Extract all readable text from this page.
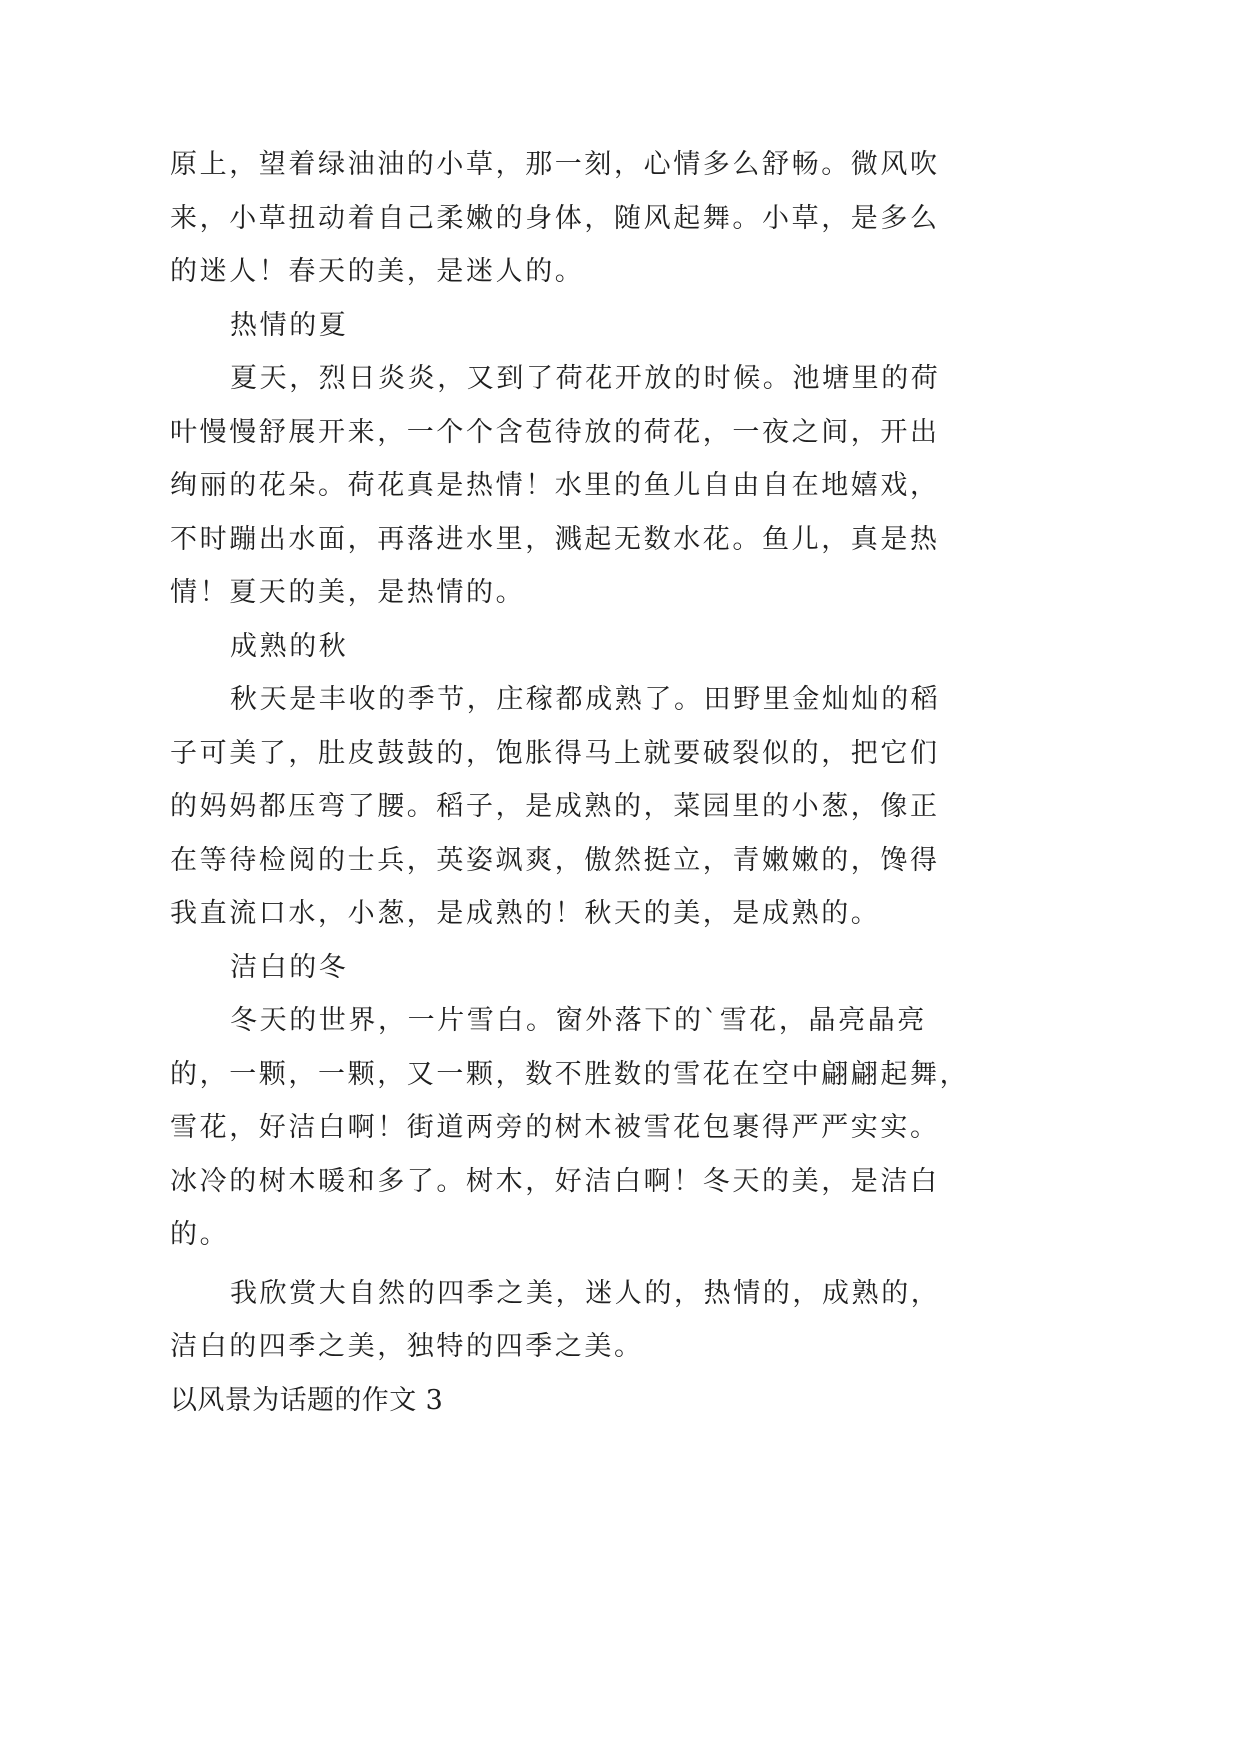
原上，望着绿油油的小草，那一刻，心情多么舒畅。微风吹
来，小草扭动着自己柔嫩的身体，随风起舞。小草，是多么
的迷人！春天的美，是迷人的。
热情的夏
夏天，烈日炎炎，又到了荷花开放的时候。池塘里的荷
叶慢慢舒展开来，一个个含苞待放的荷花，一夜之间，开出
绚丽的花朵。荷花真是热情！水里的鱼儿自由自在地嬉戏，
不时蹦出水面，再落进水里，溅起无数水花。鱼儿，真是热
情！夏天的美，是热情的。
成熟的秋
秋天是丰收的季节，庄稼都成熟了。田野里金灿灿的稻
子可美了，肚皮鼓鼓的，饱胀得马上就要破裂似的，把它们
的妈妈都压弯了腰。稻子，是成熟的，菜园里的小葱，像正
在等待检阅的士兵，英姿飒爽，傲然挺立，青嫩嫩的，馋得
我直流口水，小葱，是成熟的！秋天的美，是成熟的。
洁白的冬
冬天的世界，一片雪白。窗外落下的`雪花，晶亮晶亮
的，一颗，一颗，又一颗，数不胜数的雪花在空中翩翩起舞，
雪花，好洁白啊！街道两旁的树木被雪花包裹得严严实实。
冰冷的树木暖和多了。树木，好洁白啊！冬天的美，是洁白
的。
我欣赏大自然的四季之美，迷人的，热情的，成熟的，
洁白的四季之美，独特的四季之美。
以风景为话题的作文 3
